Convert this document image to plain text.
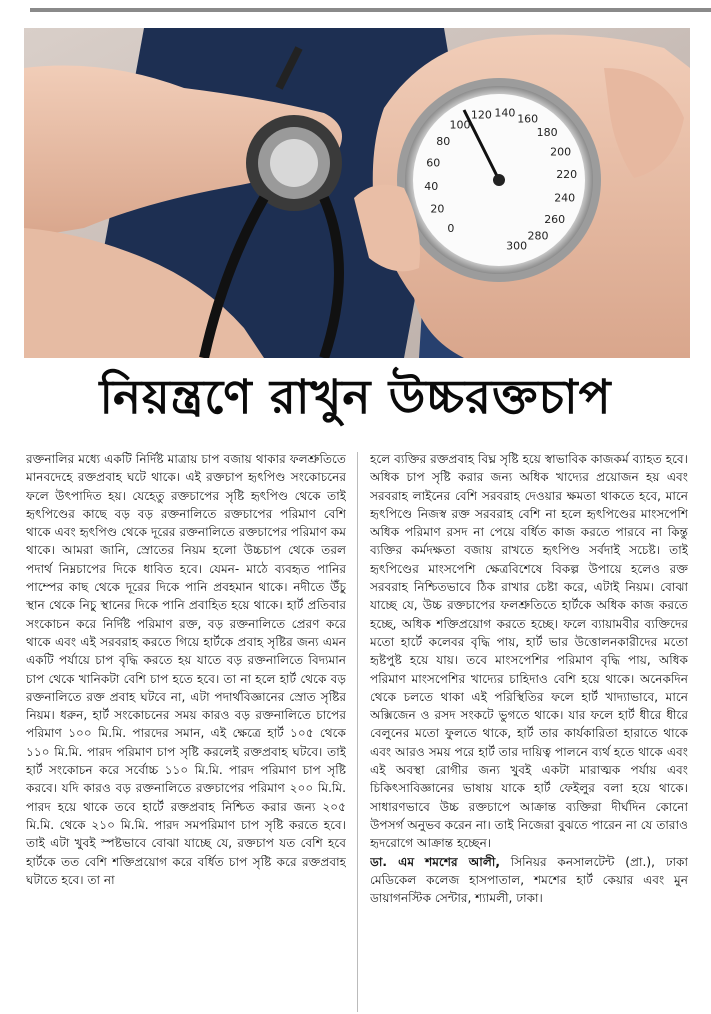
0
20
40
60
80
100
120 140 160
180
200
220
240
260
280
300
নিয়ন্ত্রণে রাখুন উচ্চরক্তচাপ

রক্তনালির মধ্যে একটি নির্দিষ্ট মাত্রায় চাপ বজায় থাকার ফলশ্রুতিতে মানবদেহে রক্তপ্রবাহ ঘটে থাকে। এই রক্তচাপ হৃৎপিণ্ড সংকোচনের ফলে উৎপাদিত হয়। যেহেতু রক্তচাপের সৃষ্টি হৃৎপিণ্ড থেকে তাই হৃৎপিণ্ডের কাছে বড় বড় রক্তনালিতে রক্তচাপের পরিমাণ বেশি থাকে এবং হৃৎপিণ্ড থেকে দূরের রক্তনালিতে রক্তচাপের পরিমাণ কম থাকে। আমরা জানি, স্রোতের নিয়ম হলো উচ্চচাপ থেকে তরল পদার্থ নিম্নচাপের দিকে ধাবিত হবে। যেমন- মাঠে ব্যবহৃত পানির পাম্পের কাছ থেকে দূরের দিকে পানি প্রবহমান থাকে। নদীতে উঁচু স্থান থেকে নিচু স্থানের দিকে পানি প্রবাহিত হয়ে থাকে। হার্ট প্রতিবার সংকোচন করে নির্দিষ্ট পরিমাণ রক্ত, বড় রক্তনালিতে প্রেরণ করে থাকে এবং এই সরবরাহ করতে গিয়ে হার্টকে প্রবাহ সৃষ্টির জন্য এমন একটি পর্যায়ে চাপ বৃদ্ধি করতে হয় যাতে বড় রক্তনালিতে বিদ্যমান চাপ থেকে খানিকটা বেশি চাপ হতে হবে। তা না হলে হার্ট থেকে বড় রক্তনালিতে রক্ত প্রবাহ ঘটবে না, এটা পদার্থবিজ্ঞানের স্রোত সৃষ্টির নিয়ম। ধরুন, হার্ট সংকোচনের সময় কারও বড় রক্তনালিতে চাপের পরিমাণ ১০০ মি.মি. পারদের সমান, এই ক্ষেত্রে হার্ট ১০৫ থেকে ১১০ মি.মি. পারদ পরিমাণ চাপ সৃষ্টি করলেই রক্তপ্রবাহ ঘটবে। তাই হার্ট সংকোচন করে সর্বোচ্চ ১১০ মি.মি. পারদ পরিমাণ চাপ সৃষ্টি করবে। যদি কারও বড় রক্তনালিতে রক্তচাপের পরিমাণ ২০০ মি.মি. পারদ হয়ে থাকে তবে হার্টে রক্তপ্রবাহ নিশ্চিত করার জন্য ২০৫ মি.মি. থেকে ২১০ মি.মি. পারদ সমপরিমাণ চাপ সৃষ্টি করতে হবে। তাই এটা খুবই স্পষ্টভাবে বোঝা যাচ্ছে যে, রক্তচাপ যত বেশি হবে হার্টকে তত বেশি শক্তিপ্রয়োগ করে বর্ধিত চাপ সৃষ্টি করে রক্তপ্রবাহ ঘটাতে হবে। তা না

হলে ব্যক্তির রক্তপ্রবাহ বিঘ্ন সৃষ্টি হয়ে স্বাভাবিক কাজকর্ম ব্যাহত হবে। অধিক চাপ সৃষ্টি করার জন্য অধিক খাদ্যের প্রয়োজন হয় এবং সরবরাহ লাইনের বেশি সরবরাহ দেওয়ার ক্ষমতা থাকতে হবে, মানে হৃৎপিণ্ডে নিজস্ব রক্ত সরবরাহ বেশি না হলে হৃৎপিণ্ডের মাংসপেশি অধিক পরিমাণ রসদ না পেয়ে বর্ধিত কাজ করতে পারবে না কিন্তু ব্যক্তির কর্মদক্ষতা বজায় রাখতে হৃৎপিণ্ড সর্বদাই সচেষ্ট। তাই হৃৎপিণ্ডের মাংসপেশি ক্ষেত্রবিশেষে বিকল্প উপায়ে হলেও রক্ত সরবরাহ নিশ্চিতভাবে ঠিক রাখার চেষ্টা করে, এটাই নিয়ম। বোঝা যাচ্ছে যে, উচ্চ রক্তচাপের ফলশ্রুতিতে হার্টকে অধিক কাজ করতে হচ্ছে, অধিক শক্তিপ্রয়োগ করতে হচ্ছে। ফলে ব্যায়ামবীর ব্যক্তিদের মতো হার্টে কলেবর বৃদ্ধি পায়, হার্ট ভার উত্তোলনকারীদের মতো হৃষ্টপুষ্ট হয়ে যায়। তবে মাংসপেশির পরিমাণ বৃদ্ধি পায়, অধিক পরিমাণ মাংসপেশির খাদ্যের চাহিদাও বেশি হয়ে থাকে। অনেকদিন থেকে চলতে থাকা এই পরিস্থিতির ফলে হার্ট খাদ্যাভাবে, মানে অক্সিজেন ও রসদ সংকটে ভুগতে থাকে। যার ফলে হার্ট ধীরে ধীরে বেলুনের মতো ফুলতে থাকে, হার্ট তার কার্যকারিতা হারাতে থাকে এবং আরও সময় পরে হার্ট তার দায়িত্ব পালনে ব্যর্থ হতে থাকে এবং এই অবস্থা রোগীর জন্য খুবই একটা মারাত্মক পর্যায় এবং চিকিৎসাবিজ্ঞানের ভাষায় যাকে হার্ট ফেইলুর বলা হয়ে থাকে। সাধারণভাবে উচ্চ রক্তচাপে আক্রান্ত ব্যক্তিরা দীর্ঘদিন কোনো উপসর্গ অনুভব করেন না। তাই নিজেরা বুঝতে পারেন না যে তারাও হৃদরোগে আক্রান্ত হচ্ছেন।

ডা. এম শমশের আলী, সিনিয়র কনসালটেন্ট (প্রা.), ঢাকা মেডিকেল কলেজ হাসপাতাল, শমশের হার্ট কেয়ার এবং মুন ডায়াগনস্টিক সেন্টার, শ্যামলী, ঢাকা।
